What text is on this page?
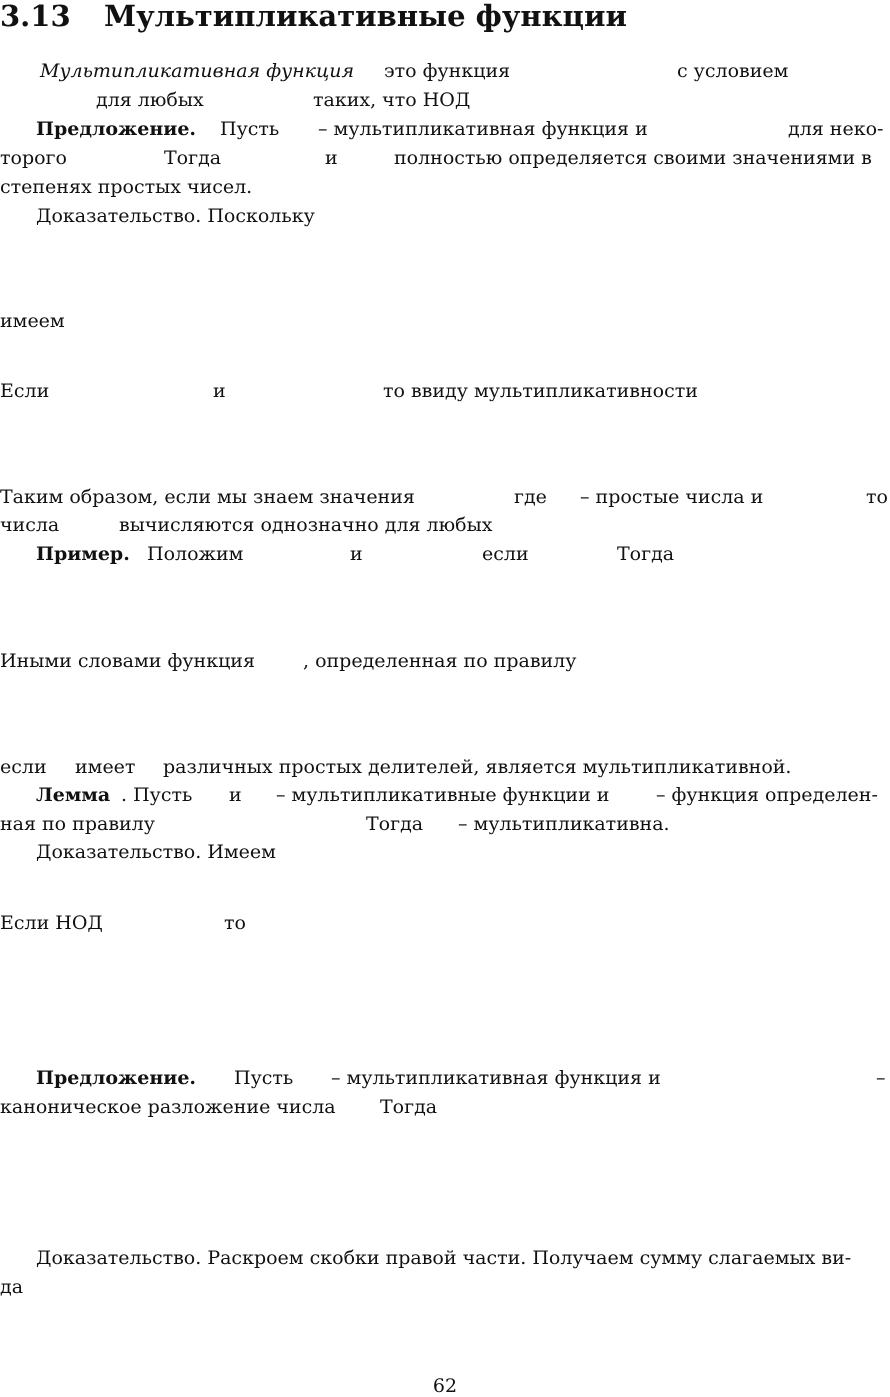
3.13 Мультипликативные функции
Мультипликативная функция это функция	с условием
для любых	таких, что НОД
Предложение. Пусть – мультипликативная функция и	для неко-
торого	Тогда	и	полностью определяется своими значениями в
степенях простых чисел.
Доказательство. Поскольку
имеем
Если	и	то ввиду мультипликативности
Таким образом, если мы знаем значения	где – простые числа и	то
числа	вычисляются однозначно для любых
Пример. Положим	и	если	Тогда
Иными словами функция	, определенная по правилу
если имеет различных простых делителей, является мультипликативной.
Лемма . Пусть и – мультипликативные функции и – функция определен-
ная по правилу	Тогда – мультипликативна.
Доказательство. Имеем
Если НОД	то
Предложение. Пусть – мультипликативная функция и	–
каноническое разложение числа Тогда
Доказательство. Раскроем скобки правой части. Получаем сумму слагаемых ви-
да
62
